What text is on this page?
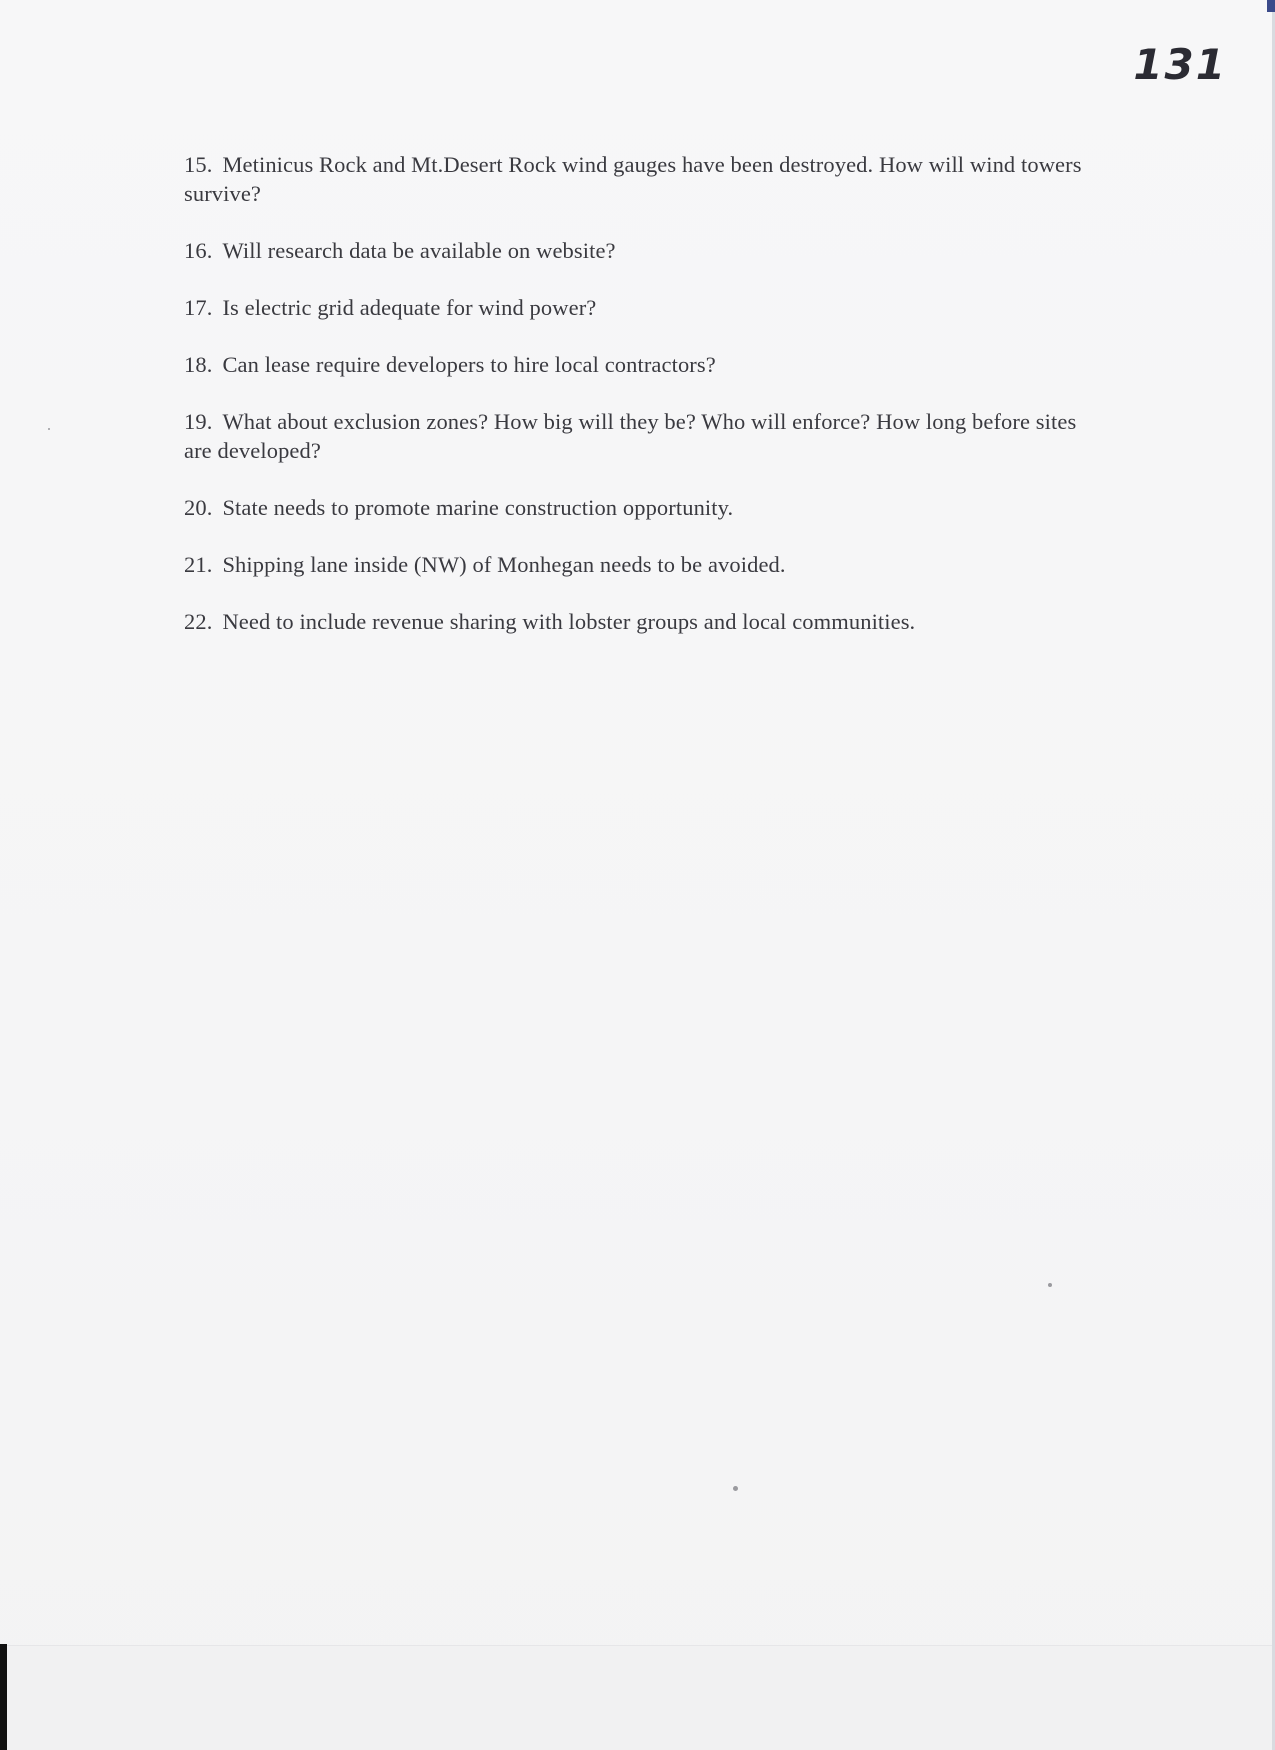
131
15. Metinicus Rock and Mt.Desert Rock wind gauges have been destroyed. How will wind towers survive?
16. Will research data be available on website?
17. Is electric grid adequate for wind power?
18. Can lease require developers to hire local contractors?
19. What about exclusion zones? How big will they be? Who will enforce? How long before sites are developed?
20. State needs to promote marine construction opportunity.
21. Shipping lane inside (NW) of Monhegan needs to be avoided.
22. Need to include revenue sharing with lobster groups and local communities.
